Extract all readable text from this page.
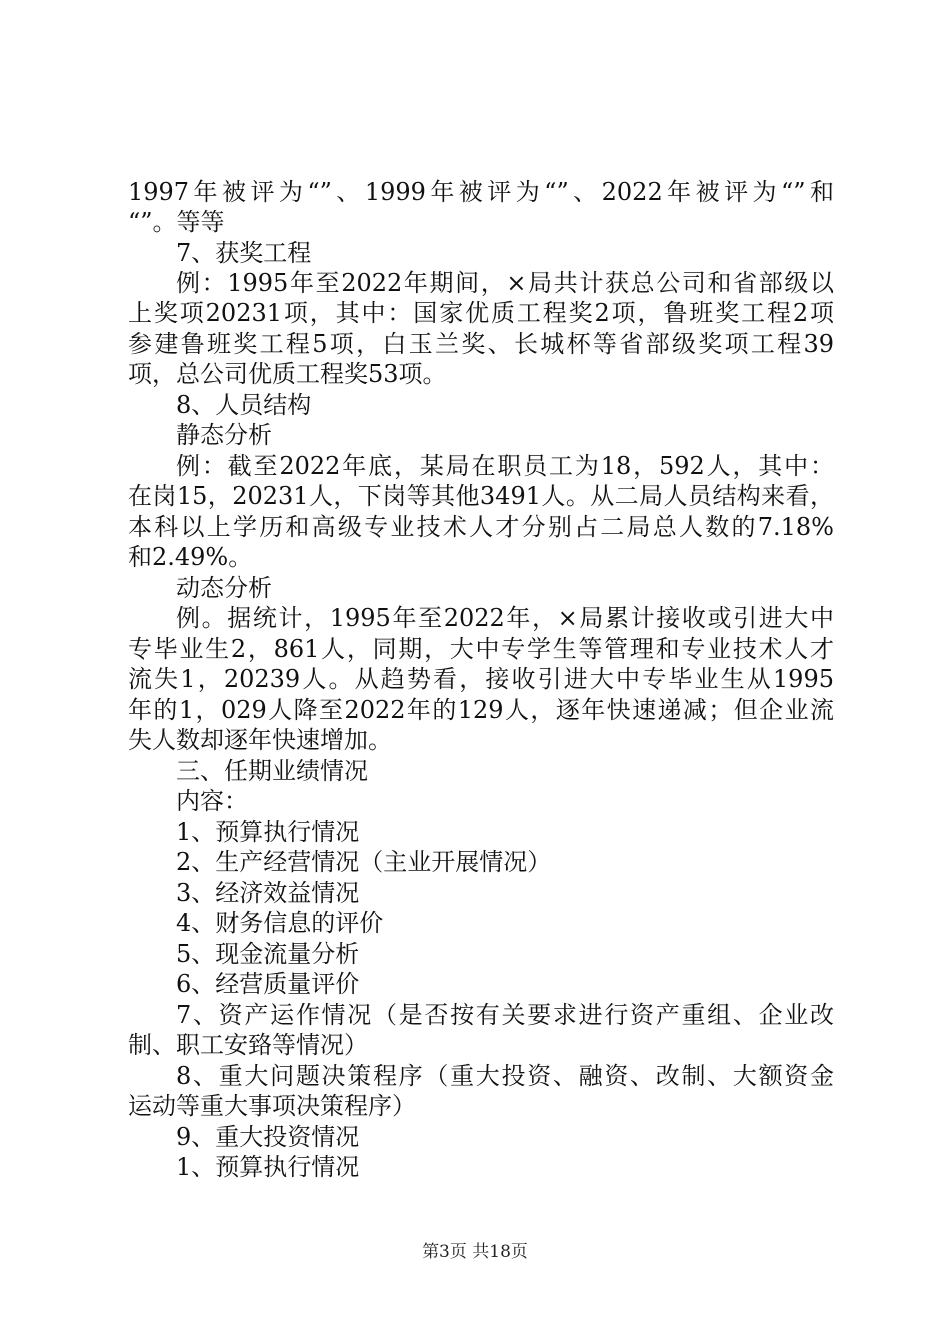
1997年被评为“”、1999年被评为“”、2022年被评为“”和
“”。等等
7、获奖工程
例：1995年至2022年期间，×局共计获总公司和省部级以
上奖项20231项，其中：国家优质工程奖2项，鲁班奖工程2项
参建鲁班奖工程5项，白玉兰奖、长城杯等省部级奖项工程39
项，总公司优质工程奖53项。
8、人员结构
静态分析
例：截至2022年底，某局在职员工为18，592人，其中：
在岗15，20231人，下岗等其他3491人。从二局人员结构来看，
本科以上学历和高级专业技术人才分别占二局总人数的7.18%
和2.49%。
动态分析
例。据统计，1995年至2022年，×局累计接收或引进大中
专毕业生2，861人，同期，大中专学生等管理和专业技术人才
流失1，20239人。从趋势看，接收引进大中专毕业生从1995
年的1，029人降至2022年的129人，逐年快速递减；但企业流
失人数却逐年快速增加。
三、任期业绩情况
内容：
1、预算执行情况
2、生产经营情况（主业开展情况）
3、经济效益情况
4、财务信息的评价
5、现金流量分析
6、经营质量评价
7、资产运作情况（是否按有关要求进行资产重组、企业改
制、职工安臵等情况）
8、重大问题决策程序（重大投资、融资、改制、大额资金
运动等重大事项决策程序）
9、重大投资情况
1、预算执行情况
第3页 共18页
